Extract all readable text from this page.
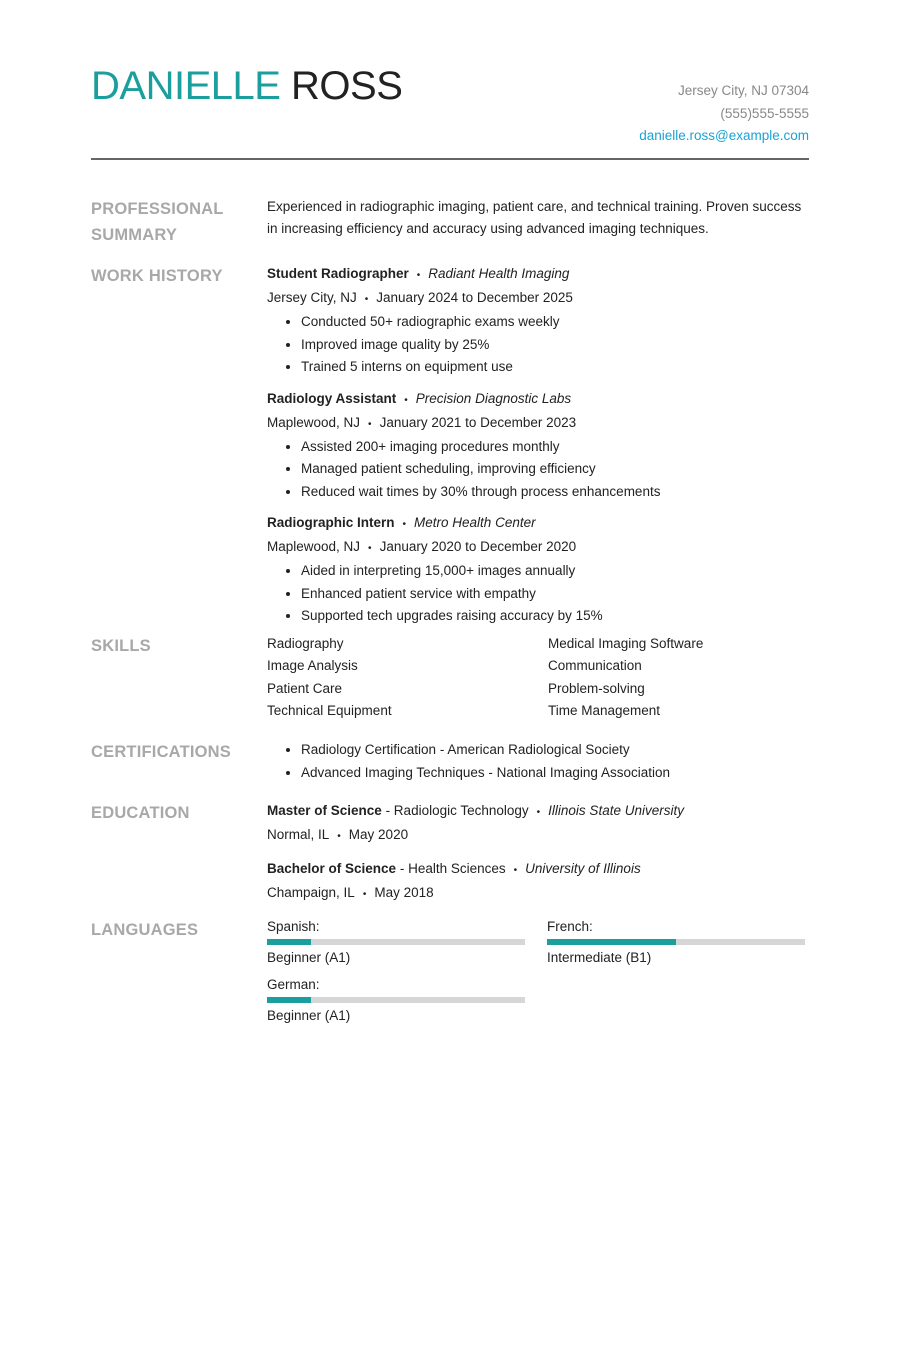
DANIELLE ROSS	Jersey City, NJ 07304
(555)555-5555
danielle.ross@example.com
PROFESSIONAL SUMMARY
Experienced in radiographic imaging, patient care, and technical training. Proven success in increasing efficiency and accuracy using advanced imaging techniques.
WORK HISTORY	Student Radiographer • Radiant Health Imaging
Jersey City, NJ • January 2024 to December 2025
• Conducted 50+ radiographic exams weekly
• Improved image quality by 25%
• Trained 5 interns on equipment use
Radiology Assistant • Precision Diagnostic Labs
Maplewood, NJ • January 2021 to December 2023
• Assisted 200+ imaging procedures monthly
• Managed patient scheduling, improving efficiency
• Reduced wait times by 30% through process enhancements
Radiographic Intern • Metro Health Center
Maplewood, NJ • January 2020 to December 2020
• Aided in interpreting 15,000+ images annually
• Enhanced patient service with empathy
• Supported tech upgrades raising accuracy by 15%
SKILLS	Radiography	Medical Imaging Software
Image Analysis	Communication
Patient Care	Problem-solving
Technical Equipment	Time Management
CERTIFICATIONS
•	Radiology Certification - American Radiological Society
• Advanced Imaging Techniques - National Imaging Association
EDUCATION	Master of Science - Radiologic Technology • Illinois State University
Normal, IL • May 2020
Bachelor of Science - Health Sciences • University of Illinois
Champaign, IL • May 2018
LANGUAGES	Spanish:
Beginner (A1)
French:
Intermediate (B1)
German:
Beginner (A1)
